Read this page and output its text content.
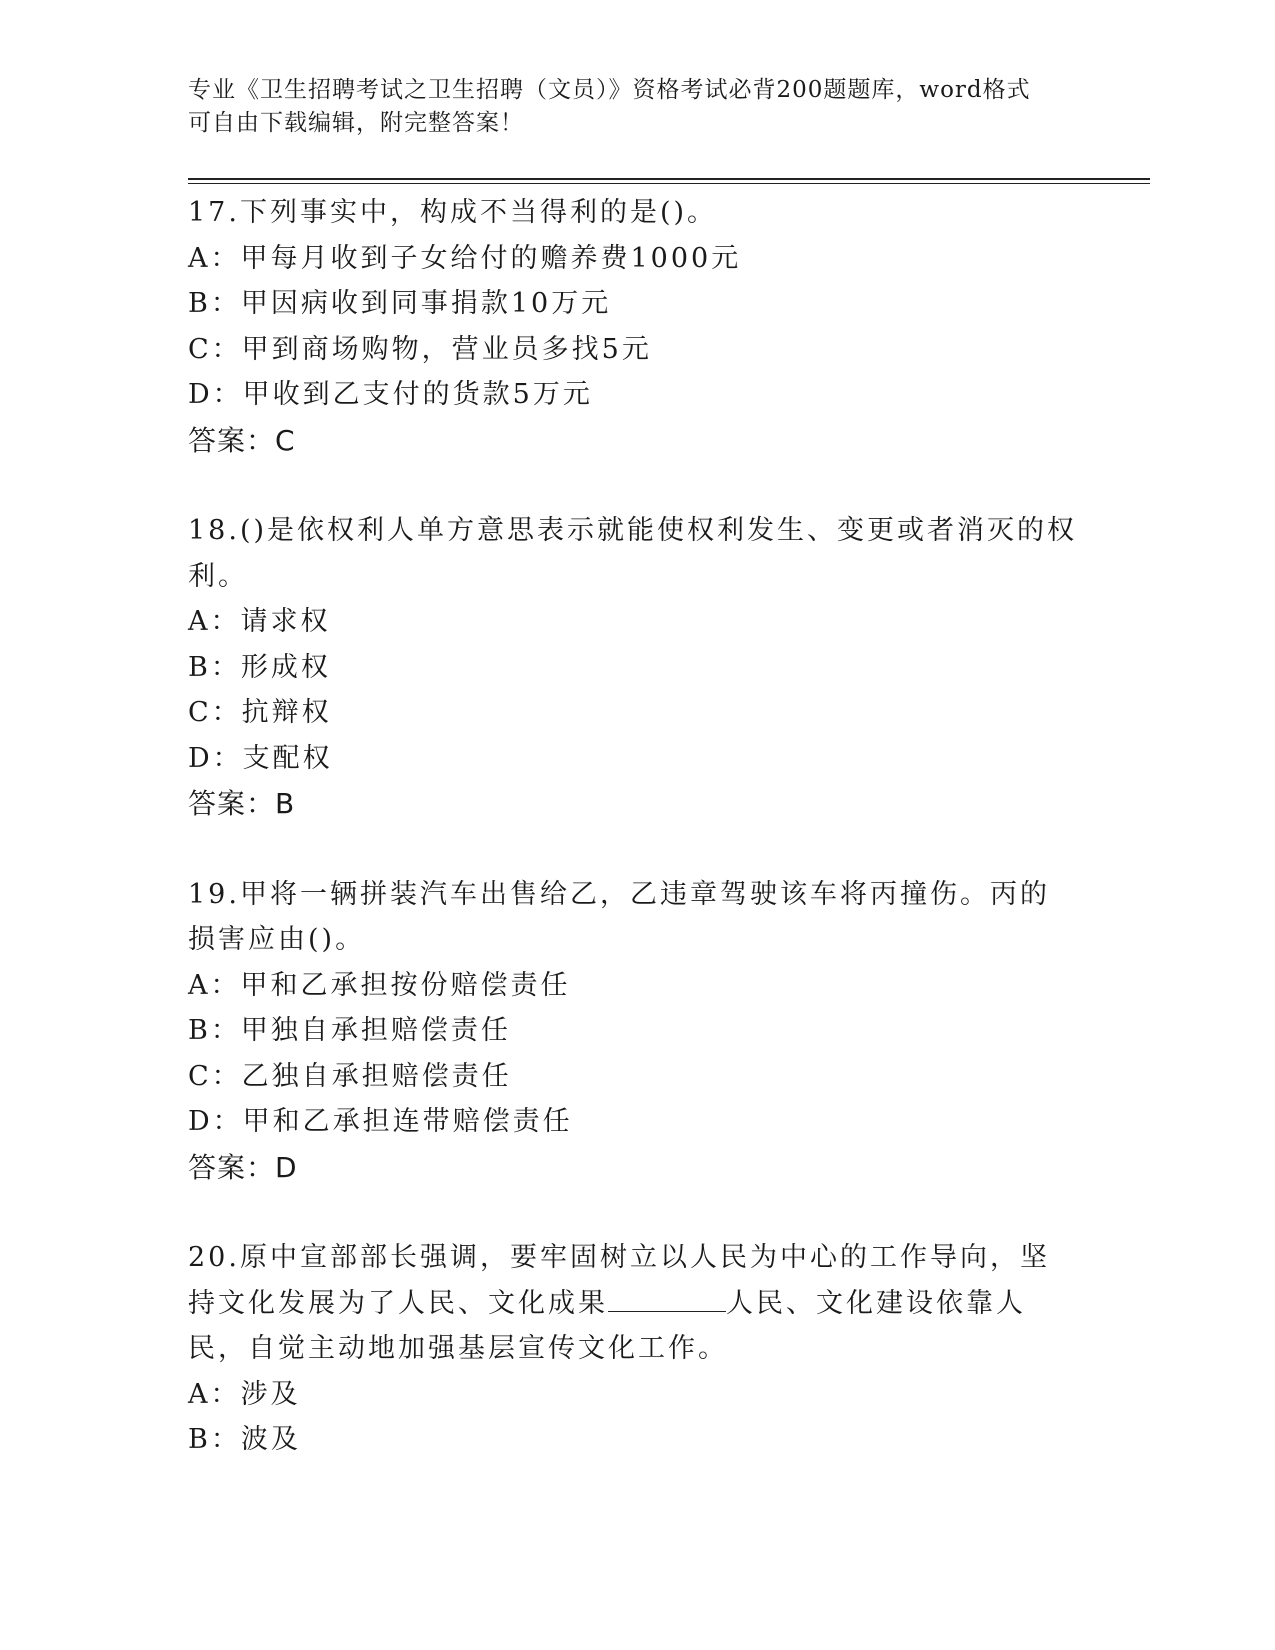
专业《卫生招聘考试之卫生招聘（文员）》资格考试必背200题题库，word格式
可自由下载编辑，附完整答案！

17.下列事实中，构成不当得利的是()。

A：甲每月收到子女给付的赡养费1000元

B：甲因病收到同事捐款10万元

C：甲到商场购物，营业员多找5元

D：甲收到乙支付的货款5万元

答案：C

18.()是依权利人单方意思表示就能使权利发生、变更或者消灭的权利。

A：请求权

B：形成权

C：抗辩权

D：支配权

答案：B

19.甲将一辆拼装汽车出售给乙，乙违章驾驶该车将丙撞伤。丙的损害应由()。

A：甲和乙承担按份赔偿责任

B：甲独自承担赔偿责任

C：乙独自承担赔偿责任

D：甲和乙承担连带赔偿责任

答案：D

20.原中宣部部长强调，要牢固树立以人民为中心的工作导向，坚持文化发展为了人民、文化成果	人民、文化建设依靠人民，自觉主动地加强基层宣传文化工作。

A：涉及

B：波及
